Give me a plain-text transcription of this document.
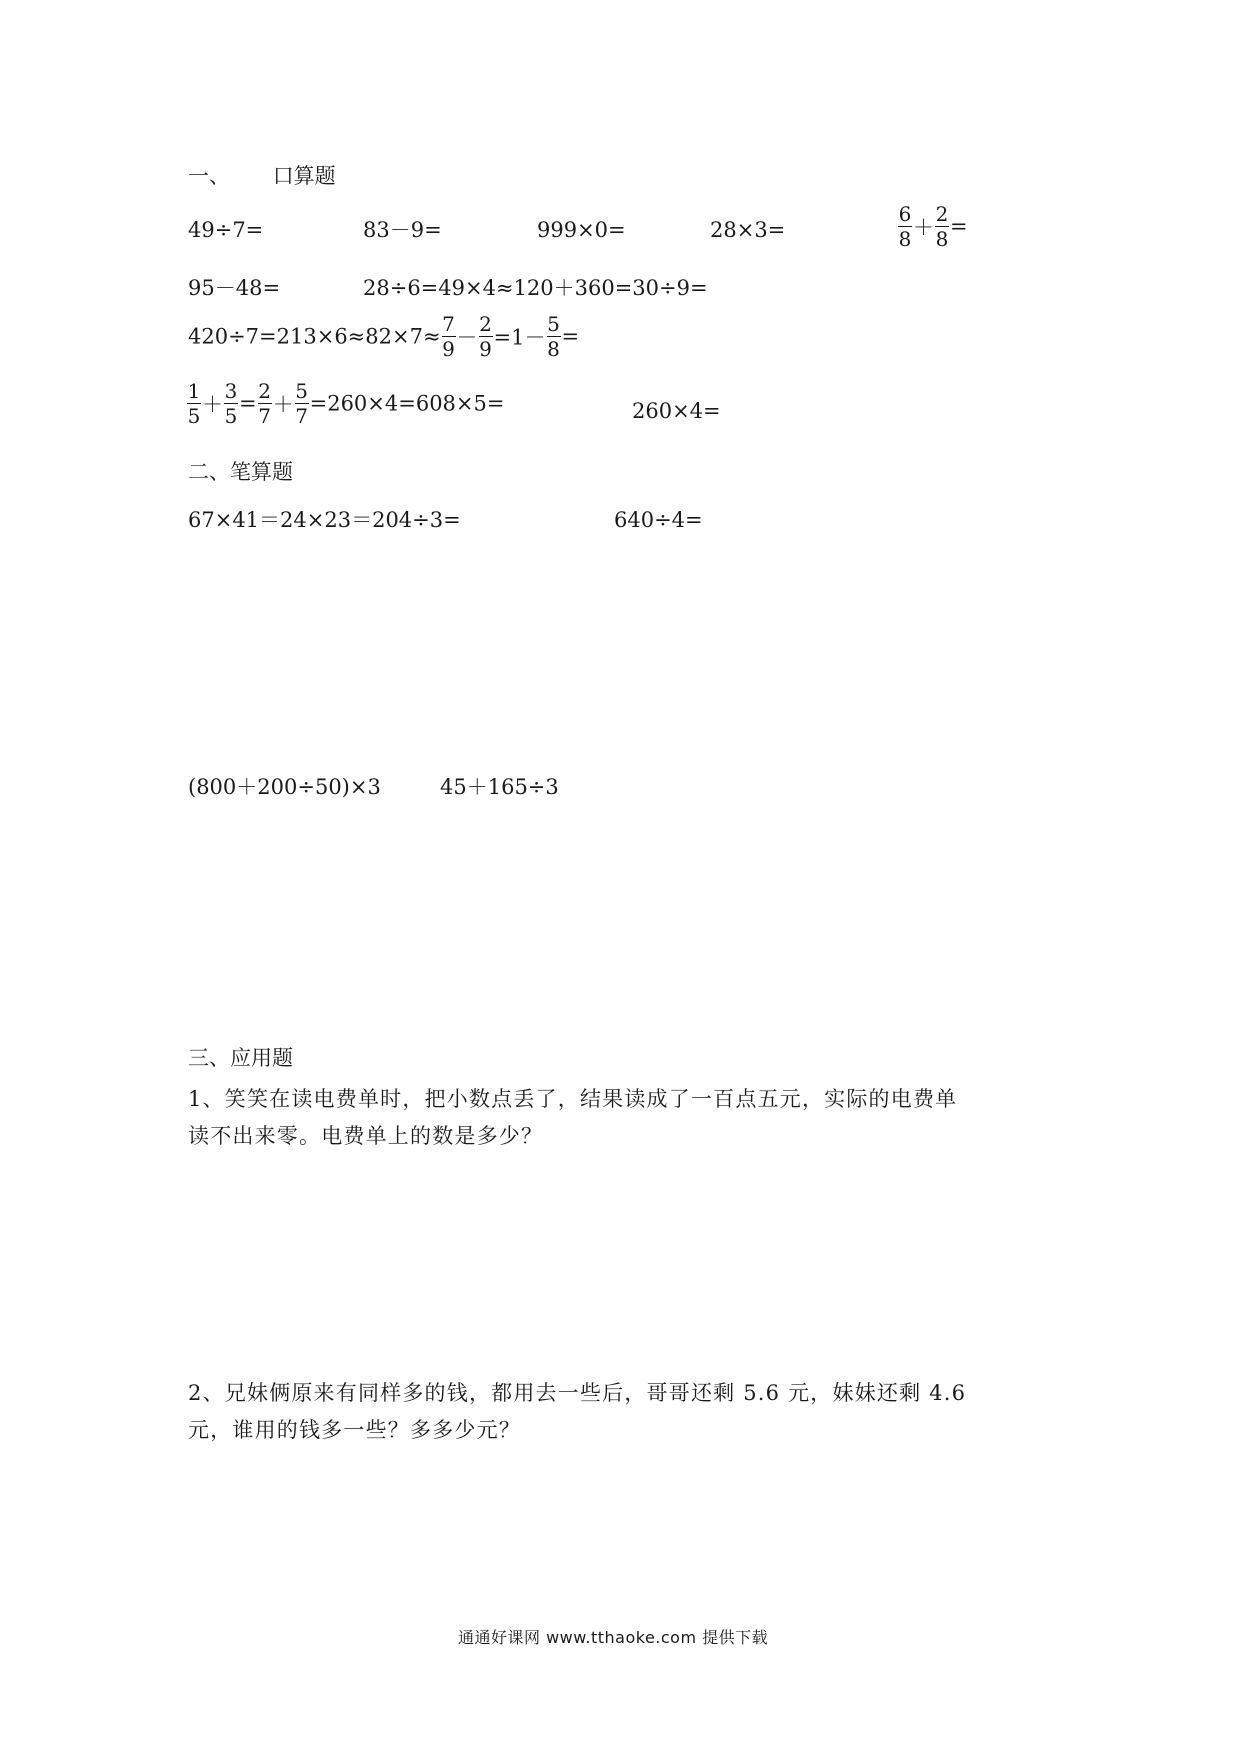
一、 口算题
49÷7=	83－9=	999×0=	28×3=	$\frac{6}{8} + \frac{2}{8}$ =
95－48=	28÷6=49×4≈120＋360=30÷9=
$420\div 7=213\times 6\approx 82\times 7\approx \frac{7}{9} - \frac{2}{9} =1- \frac{5}{8}$ =
$\frac{1}{5} + \frac{3}{5} = \frac{2}{7} + \frac{5}{7} =260\times 4=608\times 5=$	260×4=
二、笔算题
67×41＝24×23＝204÷3=	640÷4=
(800＋200÷50)×3	45＋165÷3
三、应用题
1、笑笑在读电费单时，把小数点丢了，结果读成了一百点五元，实际的电费单
读不出来零。电费单上的数是多少？
2、兄妹俩原来有同样多的钱，都用去一些后，哥哥还剩 5.6 元，妹妹还剩 4.6
元，谁用的钱多一些？多多少元？
通通好课网 www.tthaoke.com 提供下载
